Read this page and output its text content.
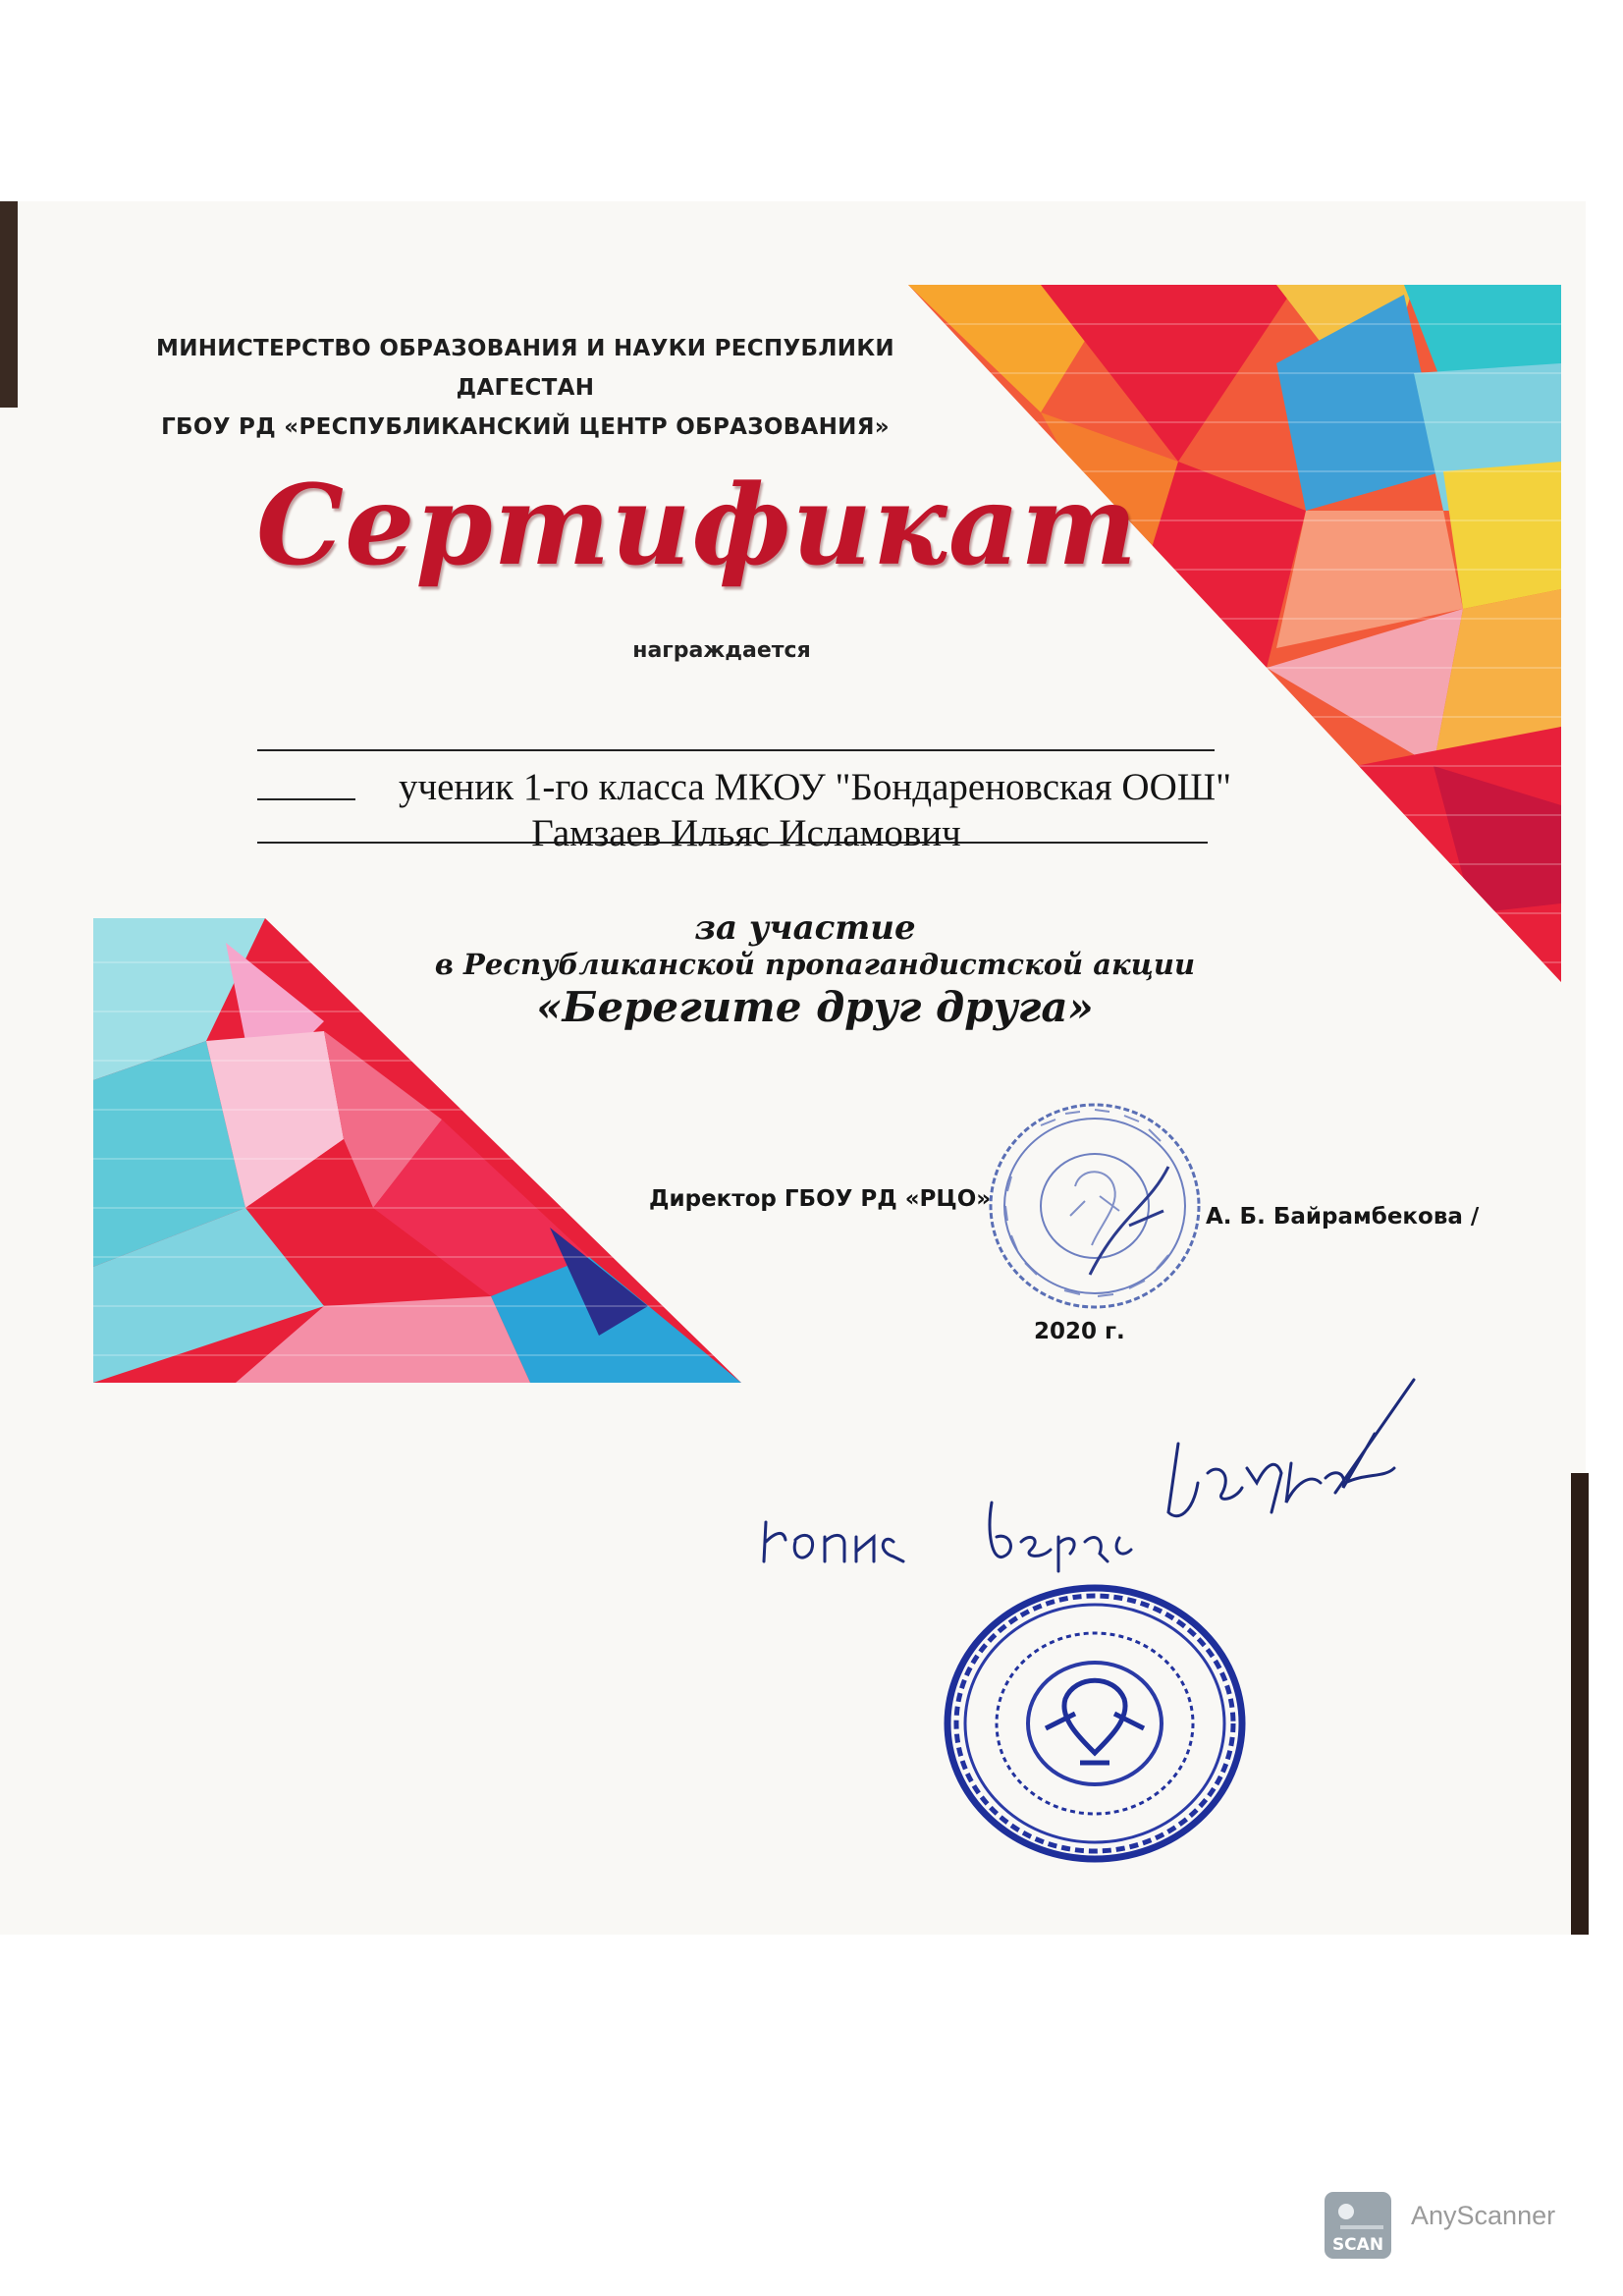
МИНИСТЕРСТВО ОБРАЗОВАНИЯ И НАУКИ РЕСПУБЛИКИ ДАГЕСТАН
ГБОУ РД «РЕСПУБЛИКАНСКИЙ ЦЕНТР ОБРАЗОВАНИЯ»
Сертификат
награждается
ученик 1-го класса МКОУ "Бондареновская ООШ"
Гамзаев Ильяс Исламович
за участие
в Республиканской пропагандистской акции
«Берегите друг друга»
Директор ГБОУ РД «РЦО»
А. Б. Байрамбекова /
2020 г.
SCAN
AnyScanner
